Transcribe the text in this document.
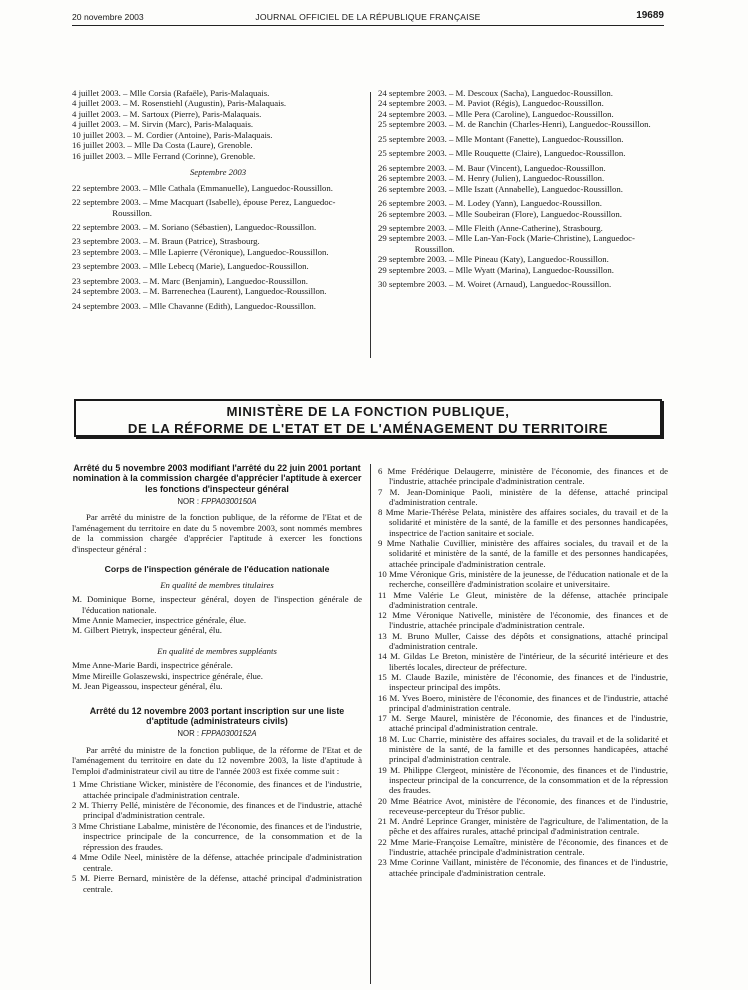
20 novembre 2003	JOURNAL OFFICIEL DE LA RÉPUBLIQUE FRANÇAISE	19689

4 juillet 2003. – Mlle Corsia (Rafaële), Paris-Malaquais.

4 juillet 2003. – M. Rosenstiehl (Augustin), Paris-Malaquais.

4 juillet 2003. – M. Sartoux (Pierre), Paris-Malaquais.

4 juillet 2003. – M. Sirvin (Marc), Paris-Malaquais.

10 juillet 2003. – M. Cordier (Antoine), Paris-Malaquais.

16 juillet 2003. – Mlle Da Costa (Laure), Grenoble.

16 juillet 2003. – Mlle Ferrand (Corinne), Grenoble.

Septembre 2003

22 septembre 2003. – Mlle Cathala (Emmanuelle), Languedoc-Roussillon.

22 septembre 2003. – Mme Macquart (Isabelle), épouse Perez, Languedoc-Roussillon.

22 septembre 2003. – M. Soriano (Sébastien), Languedoc-Roussillon.

23 septembre 2003. – M. Braun (Patrice), Strasbourg.

23 septembre 2003. – Mlle Lapierre (Véronique), Languedoc-Roussillon.

23 septembre 2003. – Mlle Lebecq (Marie), Languedoc-Roussillon.

23 septembre 2003. – M. Marc (Benjamin), Languedoc-Roussillon.

24 septembre 2003. – M. Barrenechea (Laurent), Languedoc-Roussillon.

24 septembre 2003. – Mlle Chavanne (Edith), Languedoc-Roussillon.

24 septembre 2003. – M. Descoux (Sacha), Languedoc-Roussillon.

24 septembre 2003. – M. Paviot (Régis), Languedoc-Roussillon.

24 septembre 2003. – Mlle Pera (Caroline), Languedoc-Roussillon.

25 septembre 2003. – M. de Ranchin (Charles-Henri), Languedoc-Roussillon.

25 septembre 2003. – Mlle Montant (Fanette), Languedoc-Roussillon.

25 septembre 2003. – Mlle Rouquette (Claire), Languedoc-Roussillon.

26 septembre 2003. – M. Baur (Vincent), Languedoc-Roussillon.

26 septembre 2003. – M. Henry (Julien), Languedoc-Roussillon.

26 septembre 2003. – Mlle Iszatt (Annabelle), Languedoc-Roussillon.

26 septembre 2003. – M. Lodey (Yann), Languedoc-Roussillon.

26 septembre 2003. – Mlle Soubeiran (Flore), Languedoc-Roussillon.

29 septembre 2003. – Mlle Fleith (Anne-Catherine), Strasbourg.

29 septembre 2003. – Mlle Lan-Yan-Fock (Marie-Christine), Languedoc-Roussillon.

29 septembre 2003. – Mlle Pineau (Katy), Languedoc-Roussillon.

29 septembre 2003. – Mlle Wyatt (Marina), Languedoc-Roussillon.

30 septembre 2003. – M. Woiret (Arnaud), Languedoc-Roussillon.

MINISTÈRE DE LA FONCTION PUBLIQUE,
DE LA RÉFORME DE L'ETAT ET DE L'AMÉNAGEMENT DU TERRITOIRE

Arrêté du 5 novembre 2003 modifiant l'arrêté du 22 juin 2001 portant nomination à la commission chargée d'apprécier l'aptitude à exercer les fonctions d'inspecteur général

NOR : FPPA0300150A

Par arrêté du ministre de la fonction publique, de la réforme de l'Etat et de l'aménagement du territoire en date du 5 novembre 2003, sont nommés membres de la commission chargée d'apprécier l'aptitude à exercer les fonctions d'inspecteur général :

Corps de l'inspection générale de l'éducation nationale

En qualité de membres titulaires

M. Dominique Borne, inspecteur général, doyen de l'inspection générale de l'éducation nationale.

Mme Annie Mamecier, inspectrice générale, élue.

M. Gilbert Pietryk, inspecteur général, élu.

En qualité de membres suppléants

Mme Anne-Marie Bardi, inspectrice générale.

Mme Mireille Golaszewski, inspectrice générale, élue.

M. Jean Pigeassou, inspecteur général, élu.

Arrêté du 12 novembre 2003 portant inscription sur une liste d'aptitude (administrateurs civils)

NOR : FPPA0300152A

Par arrêté du ministre de la fonction publique, de la réforme de l'Etat et de l'aménagement du territoire en date du 12 novembre 2003, la liste d'aptitude à l'emploi d'administrateur civil au titre de l'année 2003 est fixée comme suit :

1 Mme Christiane Wicker, ministère de l'économie, des finances et de l'industrie, attachée principale d'administration centrale.

2 M. Thierry Pellé, ministère de l'économie, des finances et de l'industrie, attaché principal d'administration centrale.

3 Mme Christiane Labalme, ministère de l'économie, des finances et de l'industrie, inspectrice principale de la concurrence, de la consommation et de la répression des fraudes.

4 Mme Odile Neel, ministère de la défense, attachée principale d'administration centrale.

5 M. Pierre Bernard, ministère de la défense, attaché principal d'administration centrale.

6 Mme Frédérique Delaugerre, ministère de l'économie, des finances et de l'industrie, attachée principale d'administration centrale.

7 M. Jean-Dominique Paoli, ministère de la défense, attaché principal d'administration centrale.

8 Mme Marie-Thérèse Pelata, ministère des affaires sociales, du travail et de la solidarité et ministère de la santé, de la famille et des personnes handicapées, inspectrice de l'action sanitaire et sociale.

9 Mme Nathalie Cuvillier, ministère des affaires sociales, du travail et de la solidarité et ministère de la santé, de la famille et des personnes handicapées, attachée principale d'administration centrale.

10 Mme Véronique Gris, ministère de la jeunesse, de l'éducation nationale et de la recherche, conseillère d'administration scolaire et universitaire.

11 Mme Valérie Le Gleut, ministère de la défense, attachée principale d'administration centrale.

12 Mme Véronique Nativelle, ministère de l'économie, des finances et de l'industrie, attachée principale d'administration centrale.

13 M. Bruno Muller, Caisse des dépôts et consignations, attaché principal d'administration centrale.

14 M. Gildas Le Breton, ministère de l'intérieur, de la sécurité intérieure et des libertés locales, directeur de préfecture.

15 M. Claude Bazile, ministère de l'économie, des finances et de l'industrie, inspecteur principal des impôts.

16 M. Yves Boero, ministère de l'économie, des finances et de l'industrie, attaché principal d'administration centrale.

17 M. Serge Maurel, ministère de l'économie, des finances et de l'industrie, attaché principal d'administration centrale.

18 M. Luc Charrie, ministère des affaires sociales, du travail et de la solidarité et ministère de la santé, de la famille et des personnes handicapées, attaché principal d'administration centrale.

19 M. Philippe Clergeot, ministère de l'économie, des finances et de l'industrie, inspecteur principal de la concurrence, de la consommation et de la répression des fraudes.

20 Mme Béatrice Avot, ministère de l'économie, des finances et de l'industrie, receveuse-percepteur du Trésor public.

21 M. André Leprince Granger, ministère de l'agriculture, de l'alimentation, de la pêche et des affaires rurales, attaché principal d'administration centrale.

22 Mme Marie-Françoise Lemaître, ministère de l'économie, des finances et de l'industrie, attachée principale d'administration centrale.

23 Mme Corinne Vaillant, ministère de l'économie, des finances et de l'industrie, attachée principale d'administration centrale.
